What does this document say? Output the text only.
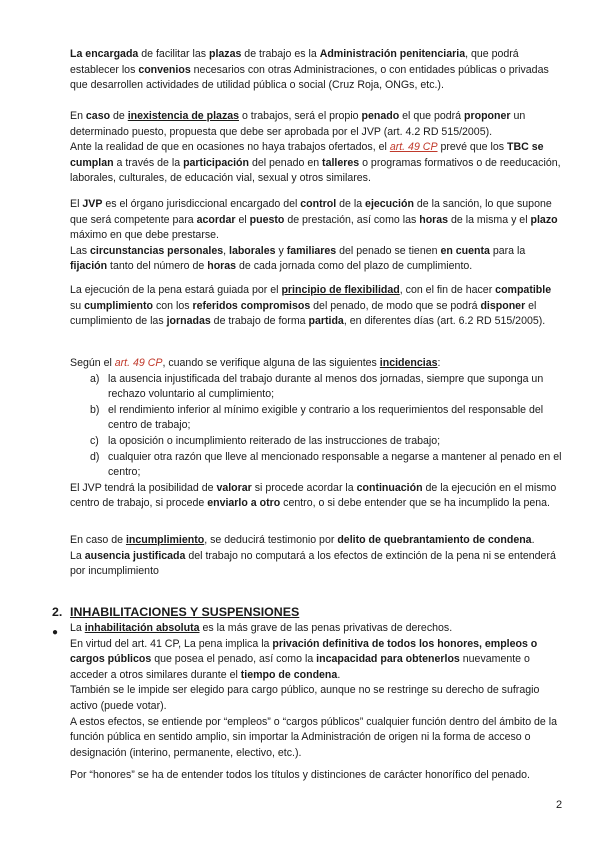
La encargada de facilitar las plazas de trabajo es la Administración penitenciaria, que podrá establecer los convenios necesarios con otras Administraciones, o con entidades públicas o privadas que desarrollen actividades de utilidad pública o social (Cruz Roja, ONGs, etc.).

En caso de inexistencia de plazas o trabajos, será el propio penado el que podrá proponer un determinado puesto, propuesta que debe ser aprobada por el JVP (art. 4.2 RD 515/2005).

Ante la realidad de que en ocasiones no haya trabajos ofertados, el art. 49 CP prevé que los TBC se cumplan a través de la participación del penado en talleres o programas formativos o de reeducación, laborales, culturales, de educación vial, sexual y otros similares.

El JVP es el órgano jurisdiccional encargado del control de la ejecución de la sanción, lo que supone que será competente para acordar el puesto de prestación, así como las horas de la misma y el plazo máximo en que debe prestarse.

Las circunstancias personales, laborales y familiares del penado se tienen en cuenta para la fijación tanto del número de horas de cada jornada como del plazo de cumplimiento.

La ejecución de la pena estará guiada por el principio de flexibilidad, con el fin de hacer compatible su cumplimiento con los referidos compromisos del penado, de modo que se podrá disponer el cumplimiento de las jornadas de trabajo de forma partida, en diferentes días (art. 6.2 RD 515/2005).

Según el art. 49 CP, cuando se verifique alguna de las siguientes incidencias:

a) la ausencia injustificada del trabajo durante al menos dos jornadas, siempre que suponga un rechazo voluntario al cumplimiento;
b) el rendimiento inferior al mínimo exigible y contrario a los requerimientos del responsable del centro de trabajo;
c) la oposición o incumplimiento reiterado de las instrucciones de trabajo;
d) cualquier otra razón que lleve al mencionado responsable a negarse a mantener al penado en el centro;

El JVP tendrá la posibilidad de valorar si procede acordar la continuación de la ejecución en el mismo centro de trabajo, si procede enviarlo a otro centro, o si debe entender que se ha incumplido la pena.

En caso de incumplimiento, se deducirá testimonio por delito de quebrantamiento de condena.

La ausencia justificada del trabajo no computará a los efectos de extinción de la pena ni se entenderá por incumplimiento

2. INHABILITACIONES Y SUSPENSIONES
● La inhabilitación absoluta es la más grave de las penas privativas de derechos.

En virtud del art. 41 CP, La pena implica la privación definitiva de todos los honores, empleos o cargos públicos que posea el penado, así como la incapacidad para obtenerlos nuevamente o acceder a otros similares durante el tiempo de condena.

También se le impide ser elegido para cargo público, aunque no se restringe su derecho de sufragio activo (puede votar).

A estos efectos, se entiende por “empleos” o “cargos públicos” cualquier función dentro del ámbito de la función pública en sentido amplio, sin importar la Administración de origen ni la forma de acceso o designación (interino, permanente, electivo, etc.).

Por “honores” se ha de entender todos los títulos y distinciones de carácter honorífico del penado.

2
